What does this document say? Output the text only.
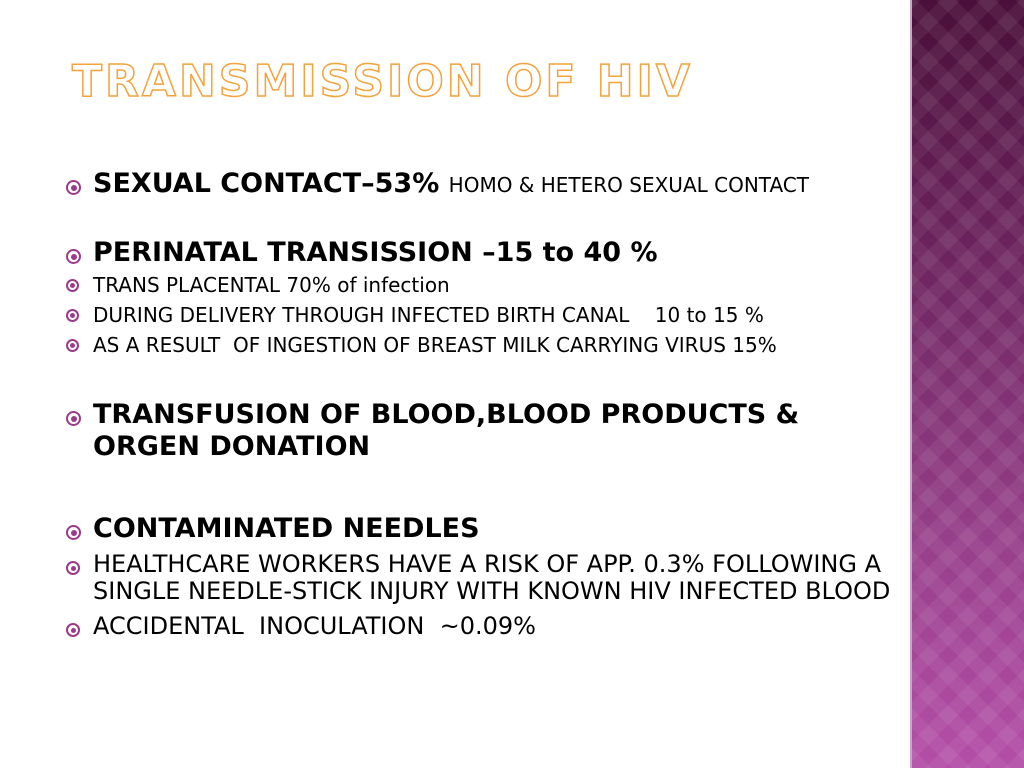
TRANSMISSION OF HIV
SEXUAL CONTACT–53% HOMO & HETERO SEXUAL CONTACT
PERINATAL TRANSISSION –15 to 40 %
TRANS PLACENTAL 70% of infection
DURING DELIVERY THROUGH INFECTED BIRTH CANAL    10 to 15 %
AS A RESULT  OF INGESTION OF BREAST MILK CARRYING VIRUS 15%
TRANSFUSION OF BLOOD,BLOOD PRODUCTS & ORGEN DONATION
CONTAMINATED NEEDLES
HEALTHCARE WORKERS HAVE A RISK OF APP. 0.3% FOLLOWING A SINGLE NEEDLE-STICK INJURY WITH KNOWN HIV INFECTED BLOOD
ACCIDENTAL  INOCULATION  ~0.09%
